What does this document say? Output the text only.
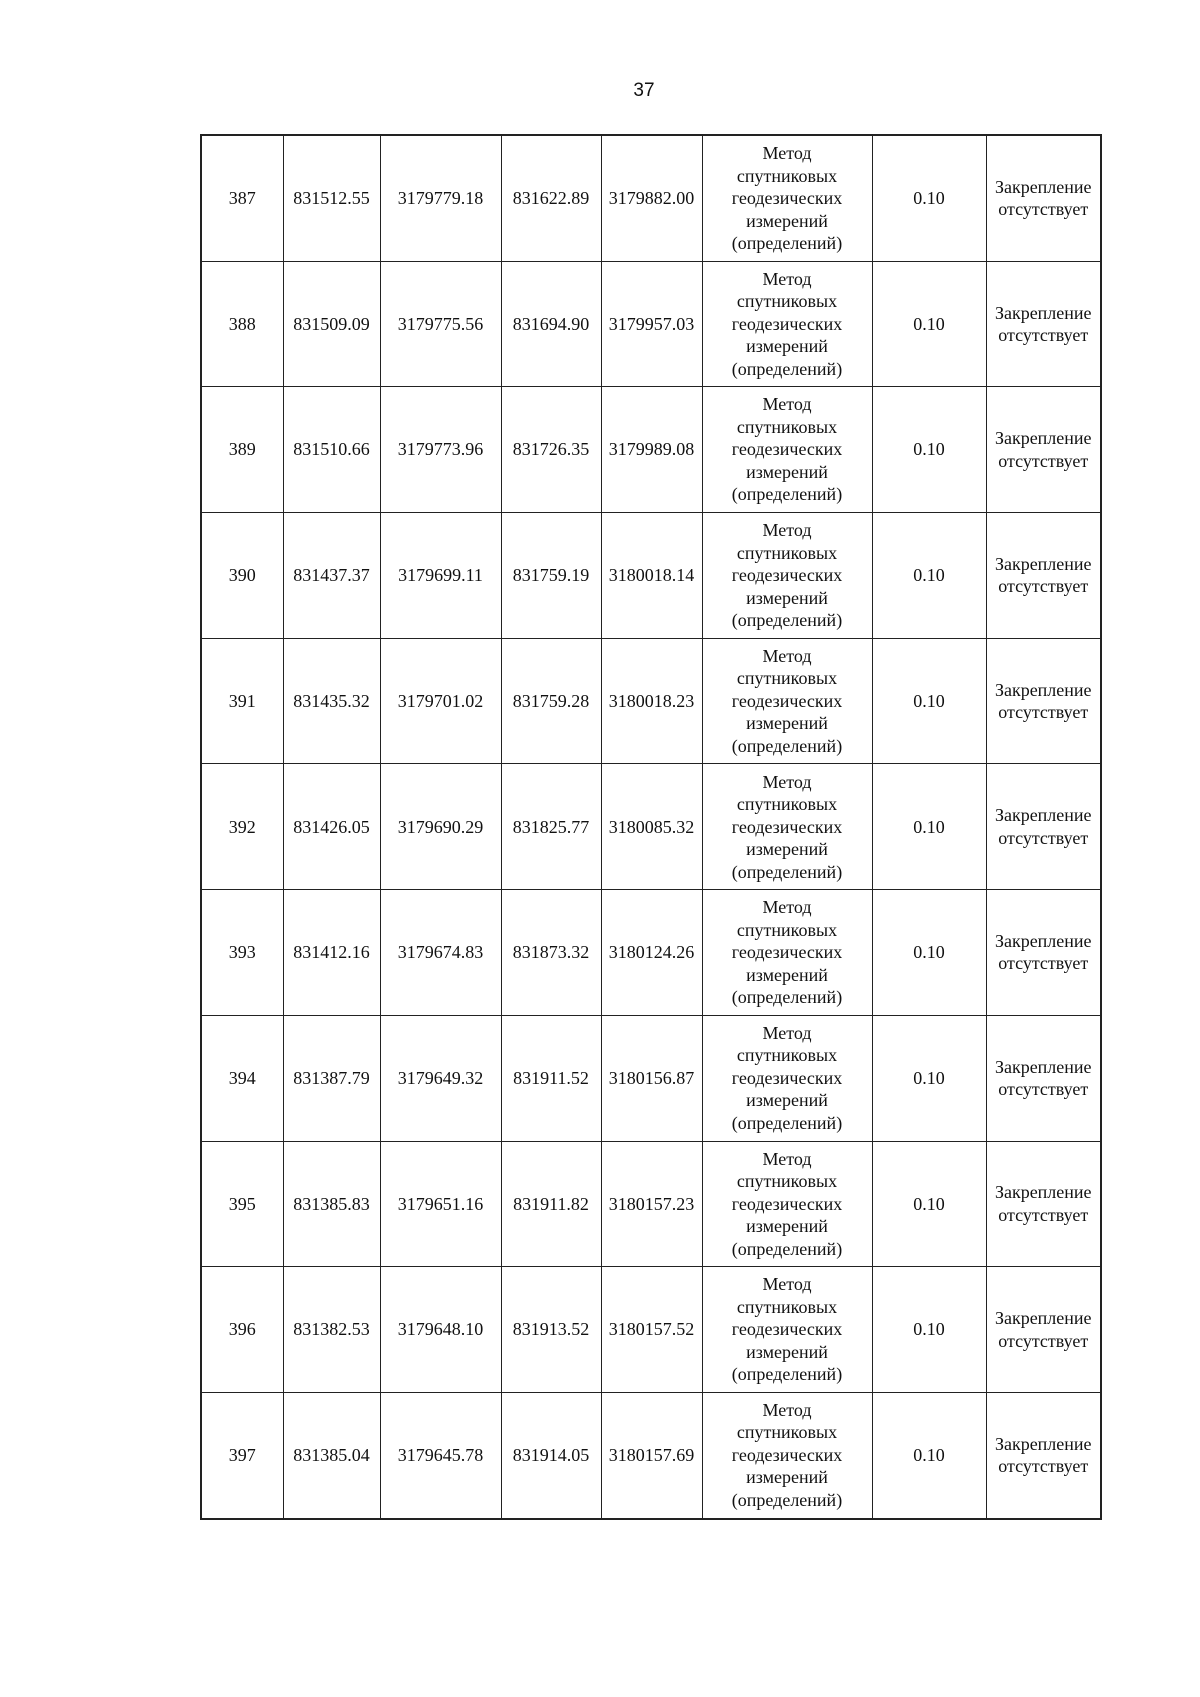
37
387	831512.55	3179779.18	831622.89	3179882.00	Метод спутниковых геодезических измерений (определений)	0.10	Закрепление отсутствует
388	831509.09	3179775.56	831694.90	3179957.03	Метод спутниковых геодезических измерений (определений)	0.10	Закрепление отсутствует
389	831510.66	3179773.96	831726.35	3179989.08	Метод спутниковых геодезических измерений (определений)	0.10	Закрепление отсутствует
390	831437.37	3179699.11	831759.19	3180018.14	Метод спутниковых геодезических измерений (определений)	0.10	Закрепление отсутствует
391	831435.32	3179701.02	831759.28	3180018.23	Метод спутниковых геодезических измерений (определений)	0.10	Закрепление отсутствует
392	831426.05	3179690.29	831825.77	3180085.32	Метод спутниковых геодезических измерений (определений)	0.10	Закрепление отсутствует
393	831412.16	3179674.83	831873.32	3180124.26	Метод спутниковых геодезических измерений (определений)	0.10	Закрепление отсутствует
394	831387.79	3179649.32	831911.52	3180156.87	Метод спутниковых геодезических измерений (определений)	0.10	Закрепление отсутствует
395	831385.83	3179651.16	831911.82	3180157.23	Метод спутниковых геодезических измерений (определений)	0.10	Закрепление отсутствует
396	831382.53	3179648.10	831913.52	3180157.52	Метод спутниковых геодезических измерений (определений)	0.10	Закрепление отсутствует
397	831385.04	3179645.78	831914.05	3180157.69	Метод спутниковых геодезических измерений (определений)	0.10	Закрепление отсутствует
